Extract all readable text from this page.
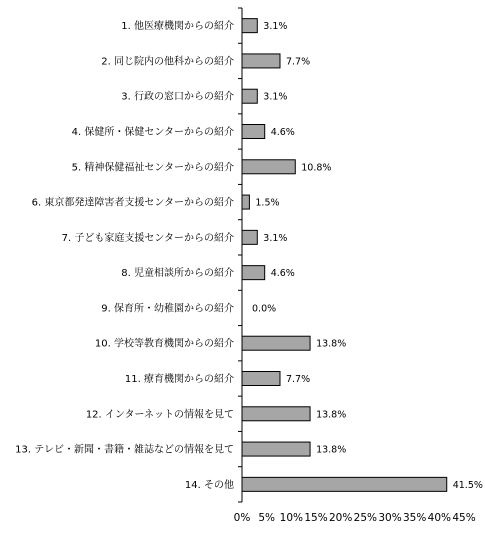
1. 他医療機関からの紹介
2. 同じ院内の他科からの紹介
3. 行政の窓口からの紹介
4. 保健所・保健センターからの紹介
5. 精神保健福祉センターからの紹介
6. 東京都発達障害者支援センターからの紹介
7. 子ども家庭支援センターからの紹介
8. 児童相談所からの紹介
9. 保育所・幼稚園からの紹介
10. 学校等教育機関からの紹介
11. 療育機関からの紹介
12. インターネットの情報を見て
13. テレビ・新聞・書籍・雑誌などの情報を見て
14. その他
3.1%
7.7%
3.1%
4.6%
10.8%
1.5%
3.1%
4.6%
0.0%
13.8%
7.7%
13.8%
13.8%
41.5%
0% 5% 10% 15% 20% 25% 30% 35% 40% 45%
